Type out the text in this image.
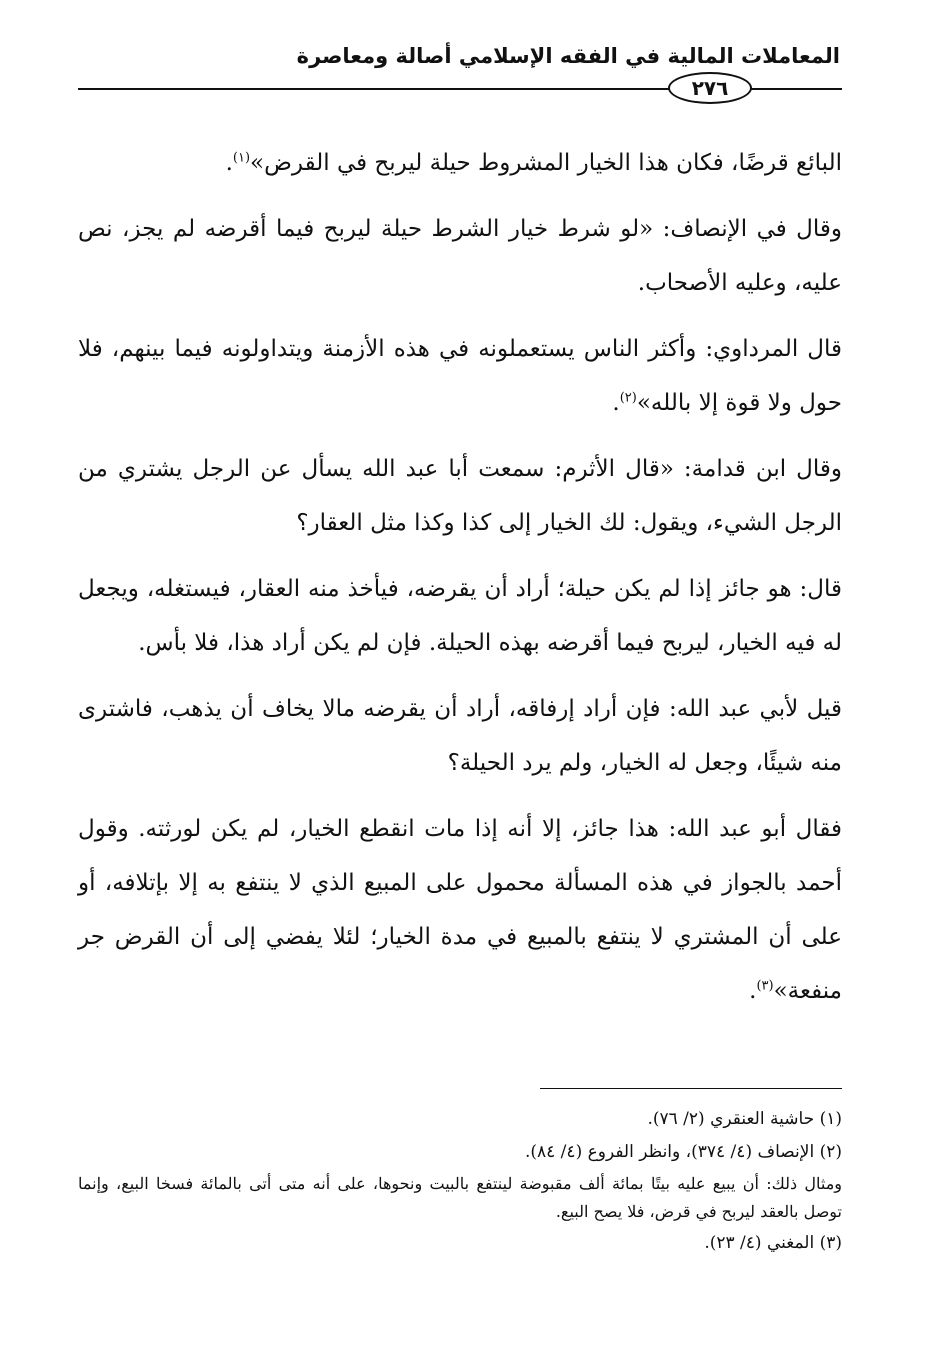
المعاملات المالية في الفقه الإسلامي أصالة ومعاصرة
٢٧٦

البائع قرضًا، فكان هذا الخيار المشروط حيلة ليربح في القرض»$^{(١)}$.

وقال في الإنصاف: «لو شرط خيار الشرط حيلة ليربح فيما أقرضه لم يجز، نص عليه، وعليه الأصحاب.

قال المرداوي: وأكثر الناس يستعملونه في هذه الأزمنة ويتداولونه فيما بينهم، فلا حول ولا قوة إلا بالله»$^{(٢)}$.

وقال ابن قدامة: «قال الأثرم: سمعت أبا عبد الله يسأل عن الرجل يشتري من الرجل الشيء، ويقول: لك الخيار إلى كذا وكذا مثل العقار؟

قال: هو جائز إذا لم يكن حيلة؛ أراد أن يقرضه، فيأخذ منه العقار، فيستغله، ويجعل له فيه الخيار، ليربح فيما أقرضه بهذه الحيلة. فإن لم يكن أراد هذا، فلا بأس.

قيل لأبي عبد الله: فإن أراد إرفاقه، أراد أن يقرضه مالا يخاف أن يذهب، فاشترى منه شيئًا، وجعل له الخيار، ولم يرد الحيلة؟

فقال أبو عبد الله: هذا جائز، إلا أنه إذا مات انقطع الخيار، لم يكن لورثته. وقول أحمد بالجواز في هذه المسألة محمول على المبيع الذي لا ينتفع به إلا بإتلافه، أو على أن المشتري لا ينتفع بالمبيع في مدة الخيار؛ لئلا يفضي إلى أن القرض جر منفعة»$^{(٣)}$.

(١) حاشية العنقري (٢/ ٧٦).

(٢) الإنصاف (٤/ ٣٧٤)، وانظر الفروع (٤/ ٨٤).

ومثال ذلك: أن يبيع عليه بيتًا بمائة ألف مقبوضة لينتفع بالبيت ونحوها، على أنه متى أتى بالمائة فسخا البيع، وإنما توصل بالعقد ليربح في قرض، فلا يصح البيع.

(٣) المغني (٤/ ٢٣).
